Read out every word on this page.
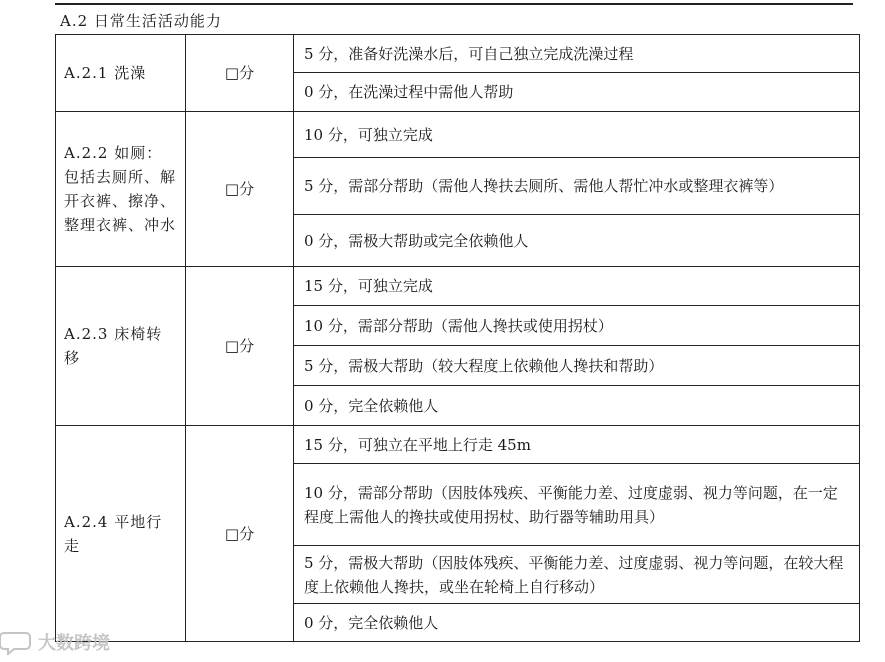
A.2 日常生活活动能力
A.2.1 洗澡	□分	5 分，准备好洗澡水后，可自己独立完成洗澡过程
		0 分，在洗澡过程中需他人帮助
A.2.2 如厕：包括去厕所、解开衣裤、擦净、整理衣裤、冲水	□分	10 分，可独立完成
		5 分，需部分帮助（需他人搀扶去厕所、需他人帮忙冲水或整理衣裤等）
		0 分，需极大帮助或完全依赖他人
A.2.3 床椅转移	□分	15 分，可独立完成
		10 分，需部分帮助（需他人搀扶或使用拐杖）
		5 分，需极大帮助（较大程度上依赖他人搀扶和帮助）
		0 分，完全依赖他人
A.2.4 平地行走	□分	15 分，可独立在平地上行走 45m
		10 分，需部分帮助（因肢体残疾、平衡能力差、过度虚弱、视力等问题，在一定程度上需他人的搀扶或使用拐杖、助行器等辅助用具）
		5 分，需极大帮助（因肢体残疾、平衡能力差、过度虚弱、视力等问题，在较大程度上依赖他人搀扶，或坐在轮椅上自行移动）
		0 分，完全依赖他人
大数跨境
